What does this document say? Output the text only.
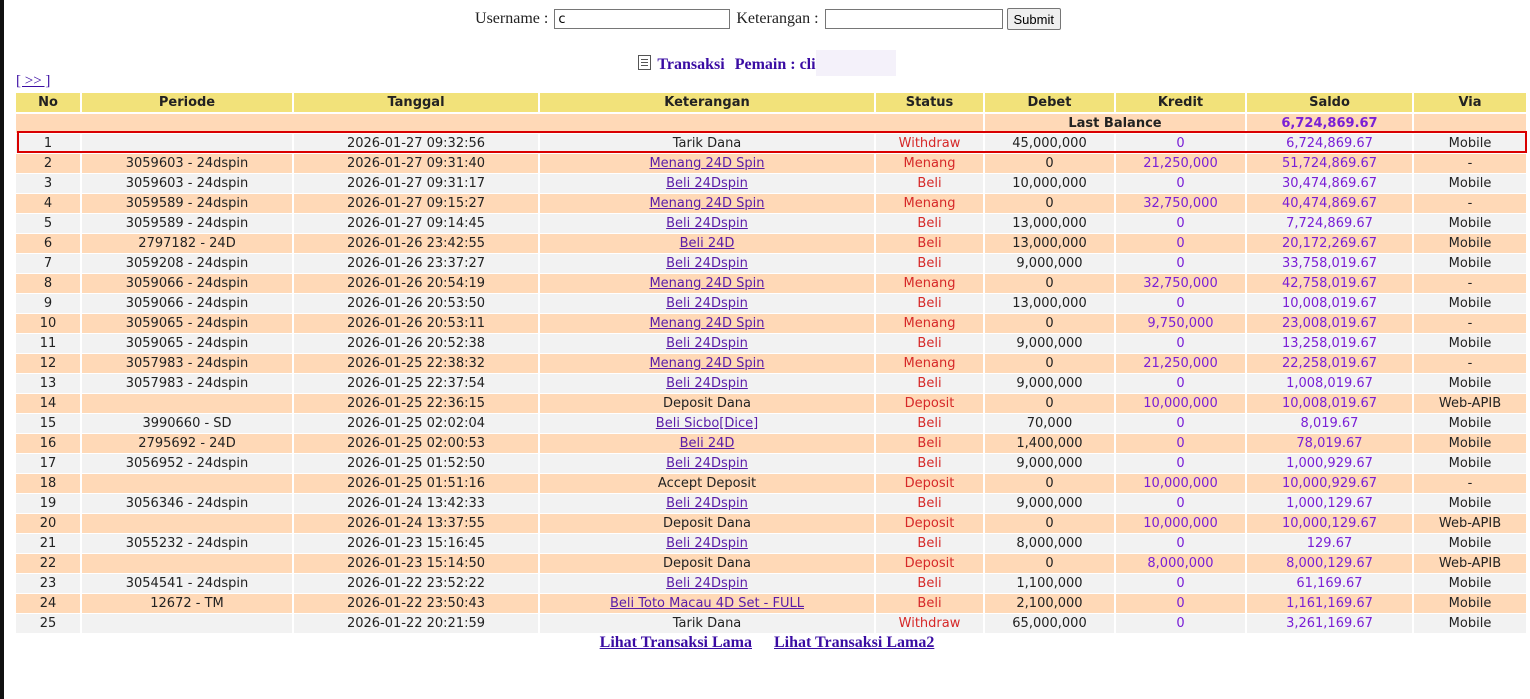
Username : c	Keterangan :	Submit
Transaksi Pemain : cli
[ >> ]
No	Periode	Tanggal	Keterangan	Status	Debet	Kredit	Saldo	Via
					Last Balance		6,724,869.67	
1		2026-01-27 09:32:56	Tarik Dana	Withdraw	45,000,000	0	6,724,869.67	Mobile
2	3059603 - 24dspin	2026-01-27 09:31:40	Menang 24D Spin	Menang	0	21,250,000	51,724,869.67	-
3	3059603 - 24dspin	2026-01-27 09:31:17	Beli 24Dspin	Beli	10,000,000	0	30,474,869.67	Mobile
4	3059589 - 24dspin	2026-01-27 09:15:27	Menang 24D Spin	Menang	0	32,750,000	40,474,869.67	-
5	3059589 - 24dspin	2026-01-27 09:14:45	Beli 24Dspin	Beli	13,000,000	0	7,724,869.67	Mobile
6	2797182 - 24D	2026-01-26 23:42:55	Beli 24D	Beli	13,000,000	0	20,172,269.67	Mobile
7	3059208 - 24dspin	2026-01-26 23:37:27	Beli 24Dspin	Beli	9,000,000	0	33,758,019.67	Mobile
8	3059066 - 24dspin	2026-01-26 20:54:19	Menang 24D Spin	Menang	0	32,750,000	42,758,019.67	-
9	3059066 - 24dspin	2026-01-26 20:53:50	Beli 24Dspin	Beli	13,000,000	0	10,008,019.67	Mobile
10	3059065 - 24dspin	2026-01-26 20:53:11	Menang 24D Spin	Menang	0	9,750,000	23,008,019.67	-
11	3059065 - 24dspin	2026-01-26 20:52:38	Beli 24Dspin	Beli	9,000,000	0	13,258,019.67	Mobile
12	3057983 - 24dspin	2026-01-25 22:38:32	Menang 24D Spin	Menang	0	21,250,000	22,258,019.67	-
13	3057983 - 24dspin	2026-01-25 22:37:54	Beli 24Dspin	Beli	9,000,000	0	1,008,019.67	Mobile
14		2026-01-25 22:36:15	Deposit Dana	Deposit	0	10,000,000	10,008,019.67	Web-APIB
15	3990660 - SD	2026-01-25 02:02:04	Beli Sicbo[Dice]	Beli	70,000	0	8,019.67	Mobile
16	2795692 - 24D	2026-01-25 02:00:53	Beli 24D	Beli	1,400,000	0	78,019.67	Mobile
17	3056952 - 24dspin	2026-01-25 01:52:50	Beli 24Dspin	Beli	9,000,000	0	1,000,929.67	Mobile
18		2026-01-25 01:51:16	Accept Deposit	Deposit	0	10,000,000	10,000,929.67	-
19	3056346 - 24dspin	2026-01-24 13:42:33	Beli 24Dspin	Beli	9,000,000	0	1,000,129.67	Mobile
20		2026-01-24 13:37:55	Deposit Dana	Deposit	0	10,000,000	10,000,129.67	Web-APIB
21	3055232 - 24dspin	2026-01-23 15:16:45	Beli 24Dspin	Beli	8,000,000	0	129.67	Mobile
22		2026-01-23 15:14:50	Deposit Dana	Deposit	0	8,000,000	8,000,129.67	Web-APIB
23	3054541 - 24dspin	2026-01-22 23:52:22	Beli 24Dspin	Beli	1,100,000	0	61,169.67	Mobile
24	12672 - TM	2026-01-22 23:50:43	Beli Toto Macau 4D Set - FULL	Beli	2,100,000	0	1,161,169.67	Mobile
25		2026-01-22 20:21:59	Tarik Dana	Withdraw	65,000,000	0	3,261,169.67	Mobile
Lihat Transaksi Lama Lihat Transaksi Lama2
